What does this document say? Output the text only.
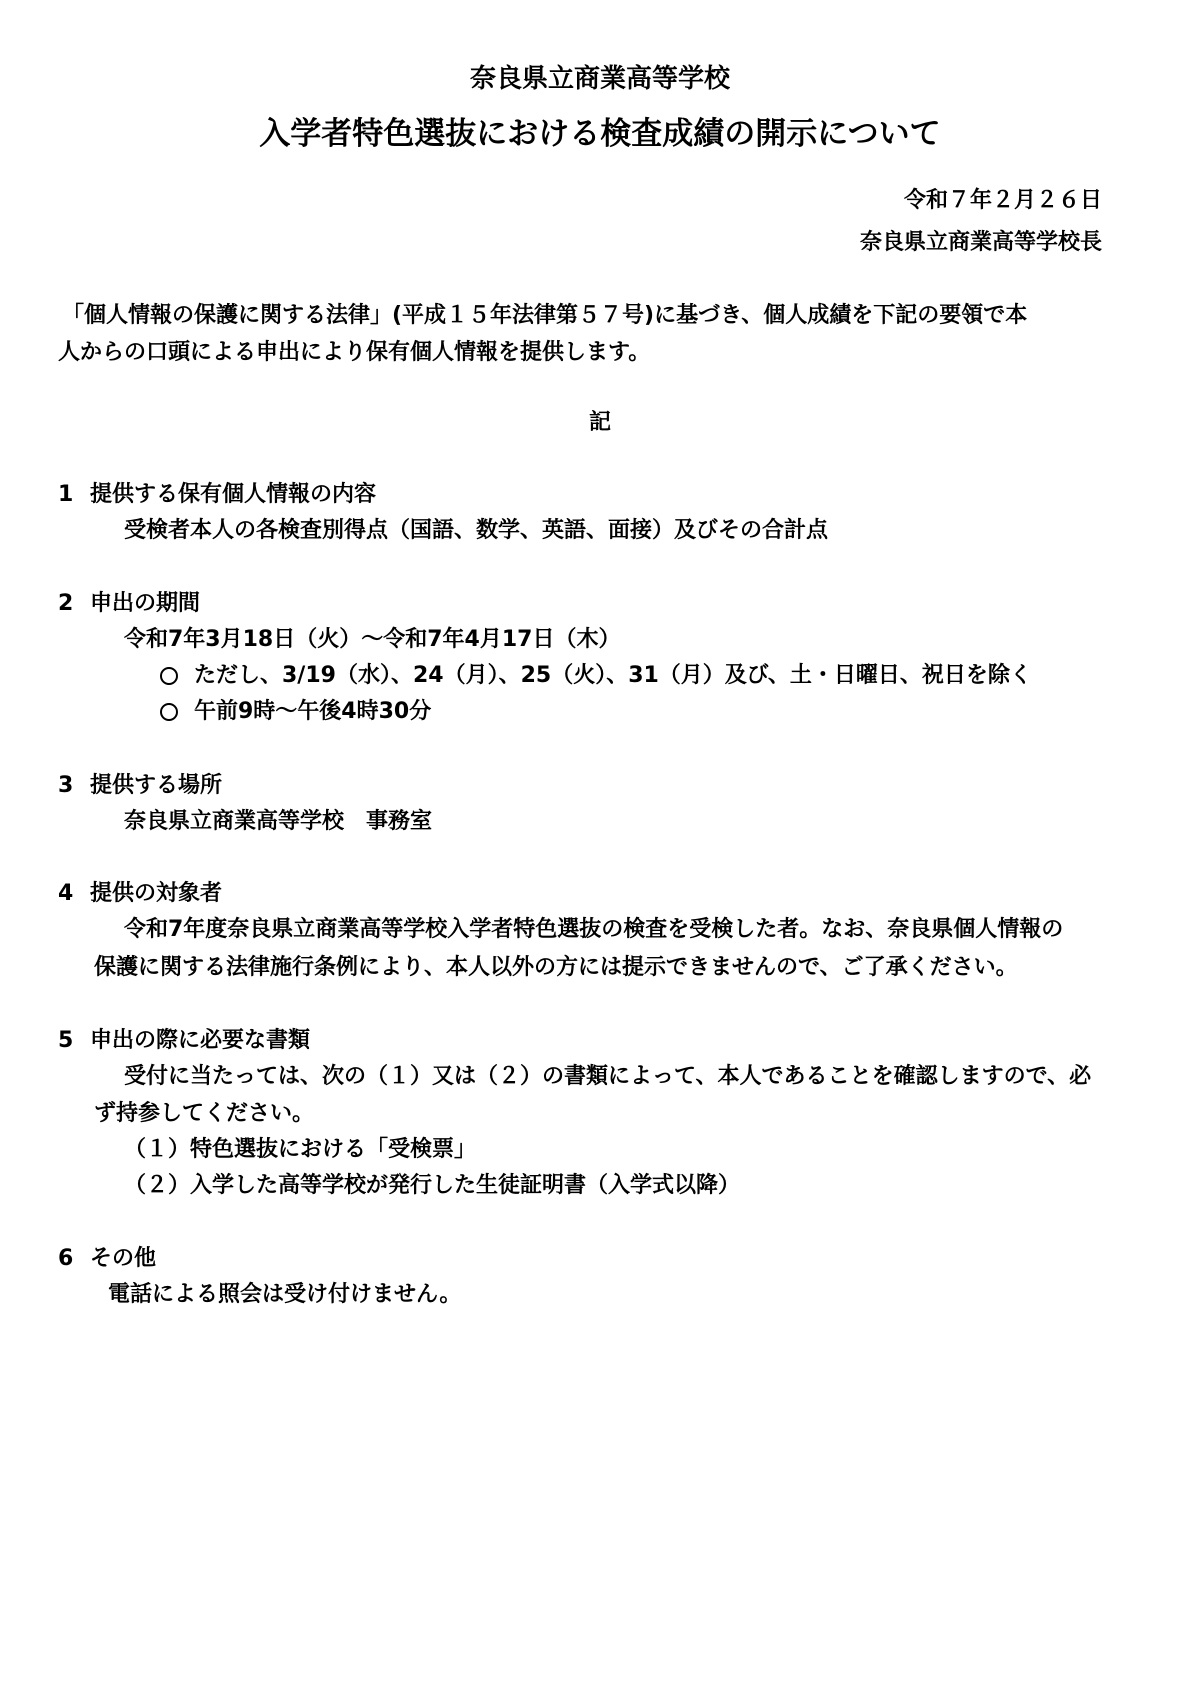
奈良県立商業高等学校
入学者特色選抜における検査成績の開示について
令和７年２月２６日
奈良県立商業高等学校長
「個人情報の保護に関する法律」(平成１５年法律第５７号)に基づき、個人成績を下記の要領で本
人からの口頭による申出により保有個人情報を提供します。
記
1 提供する保有個人情報の内容
受検者本人の各検査別得点（国語、数学、英語、面接）及びその合計点
2 申出の期間
令和7年3月18日（火）～令和7年4月17日（木）
ただし、3/19（水）、24（月）、25（火）、31（月）及び、土・日曜日、祝日を除く
午前9時～午後4時30分
3 提供する場所
奈良県立商業高等学校　事務室
4 提供の対象者
令和7年度奈良県立商業高等学校入学者特色選抜の検査を受検した者。なお、奈良県個人情報の
保護に関する法律施行条例により、本人以外の方には提示できませんので、ご了承ください。
5 申出の際に必要な書類
受付に当たっては、次の（１）又は（２）の書類によって、本人であることを確認しますので、必
ず持参してください。
（１）特色選抜における「受検票」
（２）入学した高等学校が発行した生徒証明書（入学式以降）
6 その他
電話による照会は受け付けません。
